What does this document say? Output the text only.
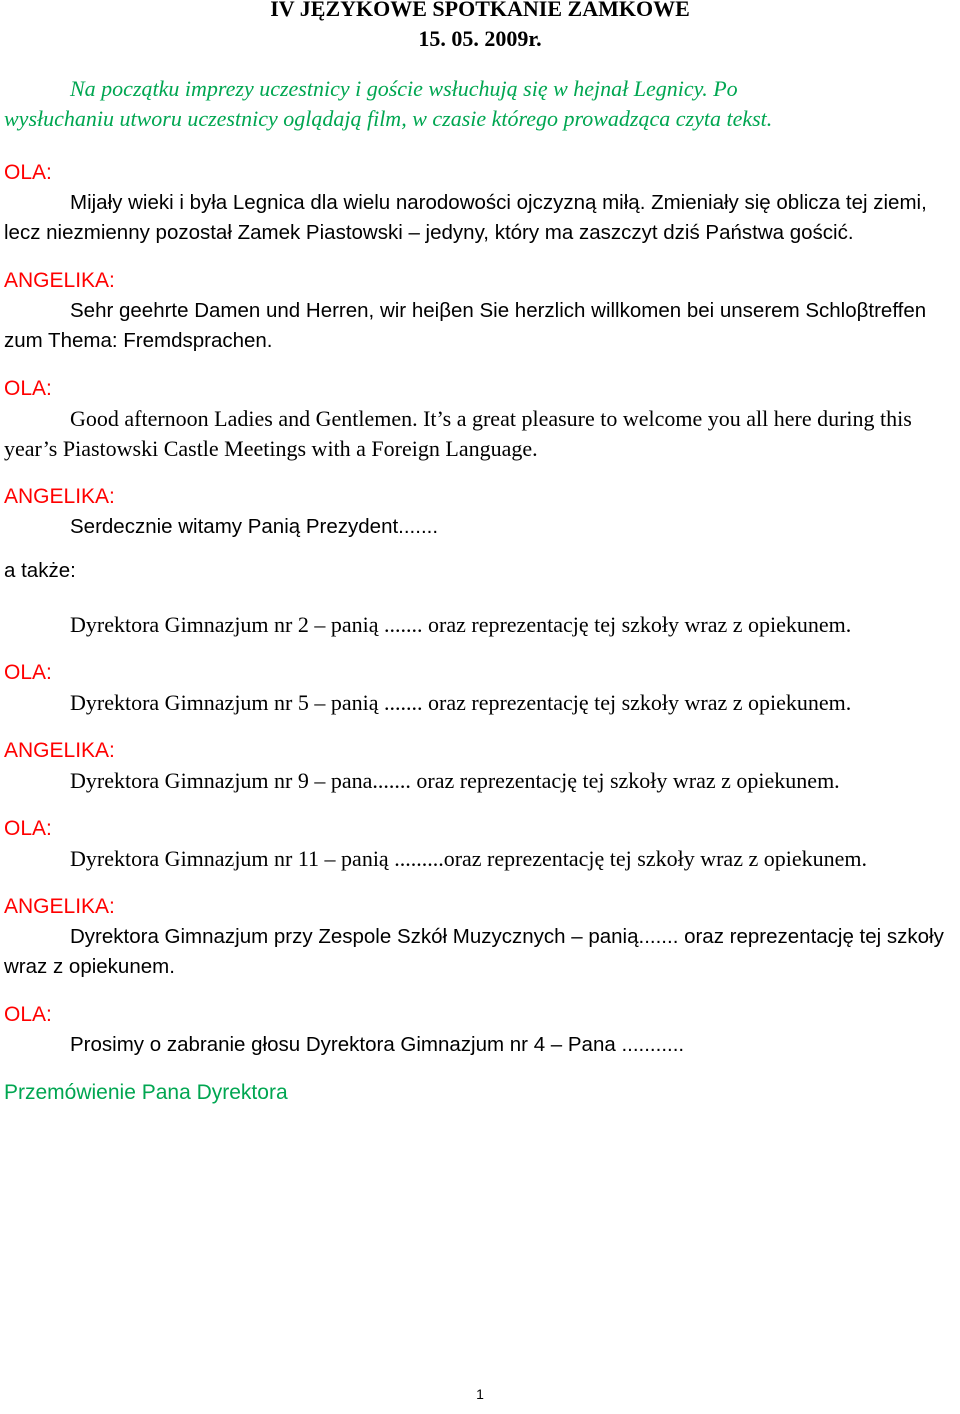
IV JĘZYKOWE SPOTKANIE ZAMKOWE
15. 05. 2009r.

Na początku imprezy uczestnicy i goście wsłuchują się w hejnał Legnicy. Po
wysłuchaniu utworu uczestnicy oglądają film, w czasie którego prowadząca czyta tekst.

OLA:

Mijały wieki i była Legnica dla wielu narodowości ojczyzną miłą. Zmieniały się oblicza tej ziemi, lecz niezmienny pozostał Zamek Piastowski – jedyny, który ma zaszczyt dziś Państwa gościć.

ANGELIKA:

Sehr geehrte Damen und Herren, wir heiβen Sie herzlich willkomen bei unserem Schloβtreffen zum Thema: Fremdsprachen.

OLA:

Good afternoon Ladies and Gentlemen. It’s a great pleasure to welcome you all here during this year’s Piastowski Castle Meetings with a Foreign Language.

ANGELIKA:

Serdecznie witamy Panią Prezydent.......

a także:

Dyrektora Gimnazjum nr 2 – panią ....... oraz reprezentację tej szkoły wraz z opiekunem.

OLA:

Dyrektora Gimnazjum nr 5 – panią ....... oraz reprezentację tej szkoły wraz z opiekunem.

ANGELIKA:

Dyrektora Gimnazjum nr 9 – pana....... oraz reprezentację tej szkoły wraz z opiekunem.

OLA:

Dyrektora Gimnazjum nr 11 – panią .........oraz reprezentację tej szkoły wraz z opiekunem.

ANGELIKA:

Dyrektora Gimnazjum przy Zespole Szkół Muzycznych – panią....... oraz reprezentację tej szkoły wraz z opiekunem.

OLA:

Prosimy o zabranie głosu Dyrektora Gimnazjum nr 4 – Pana ...........

Przemówienie Pana Dyrektora

1
